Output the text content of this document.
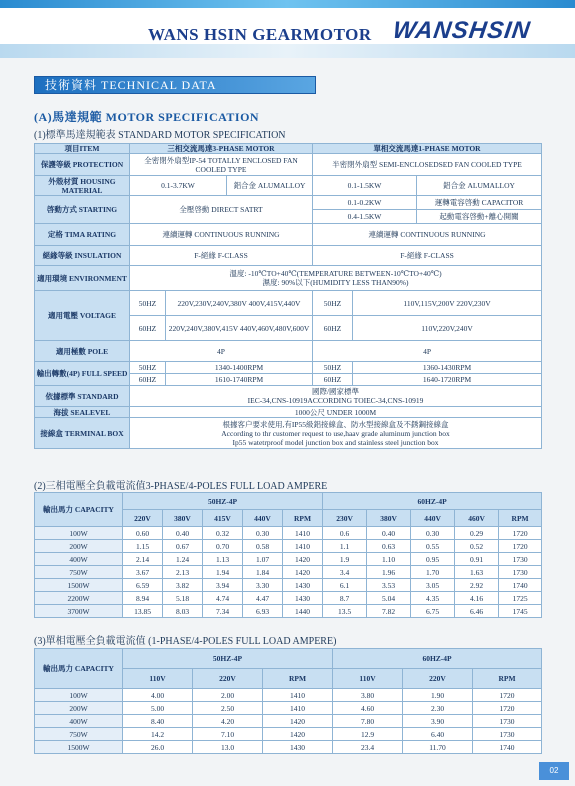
WANS HSIN GEARMOTOR WANSHSIN
技術資料 TECHNICAL DATA
(A)馬達規範 MOTOR SPECIFICATION
(1)標準馬達規範表 STANDARD MOTOR SPECIFICATION
項目ITEM	三相交流馬達3-PHASE MOTOR			單相交流馬達1-PHASE MOTOR		
保護等級 PROTECTION	全密閉外扇型IP-54 TOTALLY ENCLOSED FAN COOLED TYPE			半密閉外扇型 SEMI-ENCLOSEDSED FAN COOLED TYPE		
外殼材質 HOUSING MATERIAL	0.1-3.7KW		鋁合金 ALUMALLOY	0.1-1.5KW		鋁合金 ALUMALLOY
啓動方式 STARTING	全壓啓動 DIRECT SATRT			0.1-0.2KW		運轉電容啓動 CAPACITOR
				0.4-1.5KW		起動電容啓動+離心開關
定格 TIMA RATING	連續運轉 CONTINUOUS RUNNING			連續運轉 CONTINUOUS RUNNING		
絕緣等級 INSULATION	F-絕緣 F-CLASS			F-絕緣 F-CLASS		
適用環境 ENVIRONMENT	溫度: -10℃TO+40℃(TEMPERATURE BETWEEN-10℃TO+40℃)
濕度: 90%以下(HUMIDITY LESS THAN90%)					

適用電壓 VOLTAGE	50HZ	220V,230V,240V,380V 400V,415V,440V		50HZ	110V,115V,200V 220V,230V	
	60HZ	220V,240V,380V,415V 440V,460V,480V,600V		60HZ	110V,220V,240V	
適用極數 POLE	4P			4P		
輸出轉數(4P) FULL SPEED	50HZ	1340-1400RPM		50HZ	1360-1430RPM	
	60HZ	1610-1740RPM		60HZ	1640-1720RPM	
依據標準 STANDARD	國際/國家標準
IEC-34,CNS-10919ACCORDING TOIEC-34,CNS-10919					

海拔 SEALEVEL	1000公尺 UNDER 1000M					
接線盒 TERMINAL BOX	根據客户要求使用,有IP55級鋁接線盒、防水型接線盒及不銹鋼接線盒
According to thr customer request to use,haav grade aluminum junction box
Ip55 watetrproof model junction box and stainless steel junction box					
(2)三相電壓全負載電流值3-PHASE/4-POLES FULL LOAD AMPERE
輸出馬力 CAPACITY	50HZ-4P					60HZ-4P				
	220V	380V	415V	440V	RPM	230V	380V	440V	460V	RPM
100W	0.60	0.40	0.32	0.30	1410	0.6	0.40	0.30	0.29	1720
200W	1.15	0.67	0.70	0.58	1410	1.1	0.63	0.55	0.52	1720
400W	2.14	1.24	1.13	1.07	1420	1.9	1.10	0.95	0.91	1730
750W	3.67	2.13	1.94	1.84	1420	3.4	1.96	1.70	1.63	1730
1500W	6.59	3.82	3.94	3.30	1430	6.1	3.53	3.05	2.92	1740
2200W	8.94	5.18	4.74	4.47	1430	8.7	5.04	4.35	4.16	1725
3700W	13.85	8.03	7.34	6.93	1440	13.5	7.82	6.75	6.46	1745
(3)單相電壓全負載電流值 (1-PHASE/4-POLES FULL LOAD AMPERE)
輸出馬力 CAPACITY	50HZ-4P			60HZ-4P		
	110V	220V	RPM	110V	220V	RPM
100W	4.00	2.00	1410	3.80	1.90	1720
200W	5.00	2.50	1410	4.60	2.30	1720
400W	8.40	4.20	1420	7.80	3.90	1730
750W	14.2	7.10	1420	12.9	6.40	1730
1500W	26.0	13.0	1430	23.4	11.70	1740
02
